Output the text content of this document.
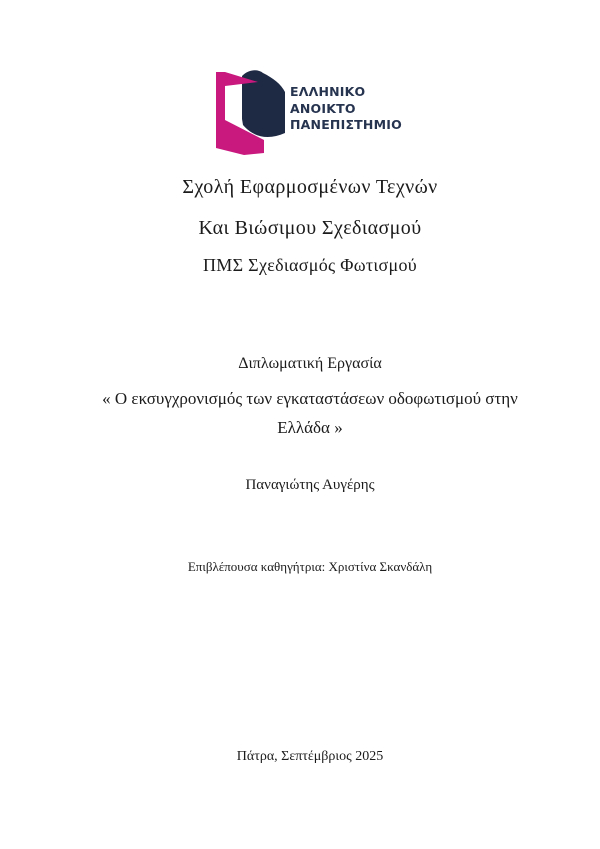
ΕΛΛΗΝΙΚΟ
ΑΝΟΙΚΤΟ
ΠΑΝΕΠΙΣΤΗΜΙΟ
Σχολή Εφαρμοσμένων Τεχνών
Και Βιώσιμου Σχεδιασμού
ΠΜΣ Σχεδιασμός Φωτισμού
Διπλωματική Εργασία
« Ο εκσυγχρονισμός των εγκαταστάσεων οδοφωτισμού στην
Ελλάδα »
Παναγιώτης Αυγέρης
Επιβλέπουσα καθηγήτρια: Χριστίνα Σκανδάλη
Πάτρα, Σεπτέμβριος 2025
